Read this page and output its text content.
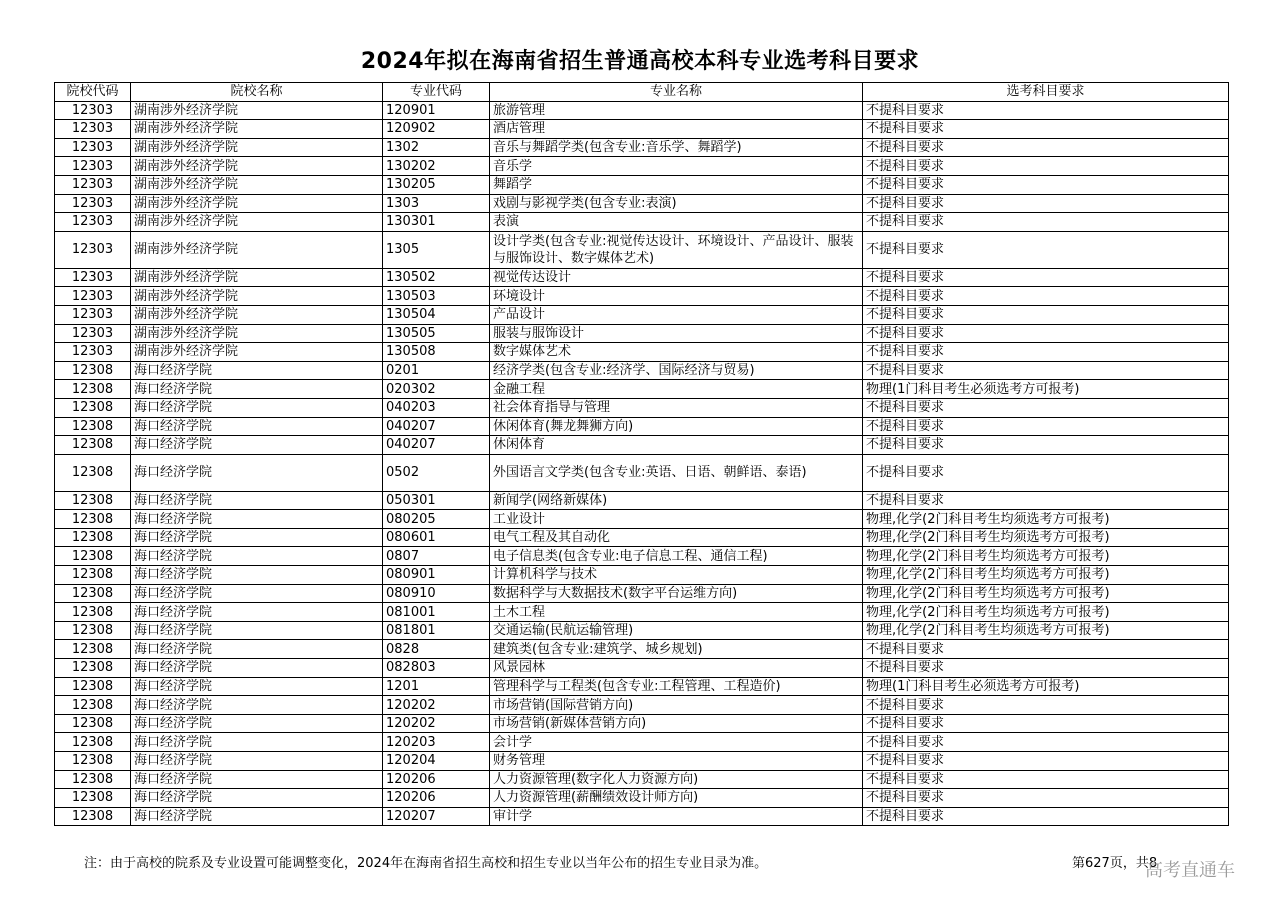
2024年拟在海南省招生普通高校本科专业选考科目要求
院校代码	院校名称	专业代码	专业名称	选考科目要求
12303	湖南涉外经济学院	120901	旅游管理	不提科目要求
12303	湖南涉外经济学院	120902	酒店管理	不提科目要求
12303	湖南涉外经济学院	1302	音乐与舞蹈学类(包含专业:音乐学、舞蹈学)	不提科目要求
12303	湖南涉外经济学院	130202	音乐学	不提科目要求
12303	湖南涉外经济学院	130205	舞蹈学	不提科目要求
12303	湖南涉外经济学院	1303	戏剧与影视学类(包含专业:表演)	不提科目要求
12303	湖南涉外经济学院	130301	表演	不提科目要求
12303	湖南涉外经济学院	1305	设计学类(包含专业:视觉传达设计、环境设计、产品设计、服装与服饰设计、数字媒体艺术)	不提科目要求
12303	湖南涉外经济学院	130502	视觉传达设计	不提科目要求
12303	湖南涉外经济学院	130503	环境设计	不提科目要求
12303	湖南涉外经济学院	130504	产品设计	不提科目要求
12303	湖南涉外经济学院	130505	服装与服饰设计	不提科目要求
12303	湖南涉外经济学院	130508	数字媒体艺术	不提科目要求
12308	海口经济学院	0201	经济学类(包含专业:经济学、国际经济与贸易)	不提科目要求
12308	海口经济学院	020302	金融工程	物理(1门科目考生必须选考方可报考)
12308	海口经济学院	040203	社会体育指导与管理	不提科目要求
12308	海口经济学院	040207	休闲体育(舞龙舞狮方向)	不提科目要求
12308	海口经济学院	040207	休闲体育	不提科目要求
12308	海口经济学院	0502	外国语言文学类(包含专业:英语、日语、朝鲜语、泰语)	不提科目要求
12308	海口经济学院	050301	新闻学(网络新媒体)	不提科目要求
12308	海口经济学院	080205	工业设计	物理,化学(2门科目考生均须选考方可报考)
12308	海口经济学院	080601	电气工程及其自动化	物理,化学(2门科目考生均须选考方可报考)
12308	海口经济学院	0807	电子信息类(包含专业:电子信息工程、通信工程)	物理,化学(2门科目考生均须选考方可报考)
12308	海口经济学院	080901	计算机科学与技术	物理,化学(2门科目考生均须选考方可报考)
12308	海口经济学院	080910	数据科学与大数据技术(数字平台运维方向)	物理,化学(2门科目考生均须选考方可报考)
12308	海口经济学院	081001	土木工程	物理,化学(2门科目考生均须选考方可报考)
12308	海口经济学院	081801	交通运输(民航运输管理)	物理,化学(2门科目考生均须选考方可报考)
12308	海口经济学院	0828	建筑类(包含专业:建筑学、城乡规划)	不提科目要求
12308	海口经济学院	082803	风景园林	不提科目要求
12308	海口经济学院	1201	管理科学与工程类(包含专业:工程管理、工程造价)	物理(1门科目考生必须选考方可报考)
12308	海口经济学院	120202	市场营销(国际营销方向)	不提科目要求
12308	海口经济学院	120202	市场营销(新媒体营销方向)	不提科目要求
12308	海口经济学院	120203	会计学	不提科目要求
12308	海口经济学院	120204	财务管理	不提科目要求
12308	海口经济学院	120206	人力资源管理(数字化人力资源方向)	不提科目要求
12308	海口经济学院	120206	人力资源管理(薪酬绩效设计师方向)	不提科目要求
12308	海口经济学院	120207	审计学	不提科目要求
注：由于高校的院系及专业设置可能调整变化，2024年在海南省招生高校和招生专业以当年公布的招生专业目录为准。	第627页，共8
高考直通车
